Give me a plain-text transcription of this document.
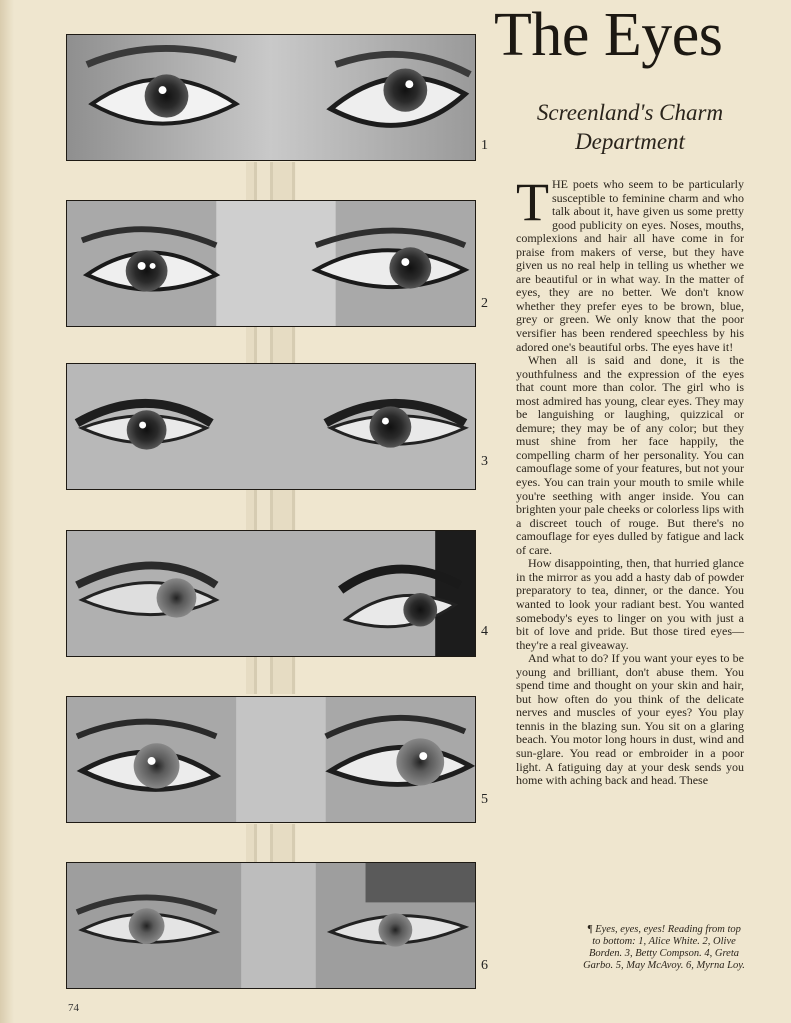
1
2
3
4
5
6
The Eyes
Screenland's Charm
Department

THE poets who seem to be particularly susceptible to feminine charm and who talk about it, have given us some pretty good publicity on eyes. Noses, mouths, complexions and hair all have come in for praise from makers of verse, but they have given us no real help in telling us whether we are beautiful or in what way. In the matter of eyes, they are no better. We don't know whether they prefer eyes to be brown, blue, grey or green. We only know that the poor versifier has been rendered speechless by his adored one's beautiful orbs. The eyes have it!

When all is said and done, it is the youthfulness and the expression of the eyes that count more than color. The girl who is most admired has young, clear eyes. They may be languishing or laughing, quizzical or demure; they may be of any color; but they must shine from her face happily, the compelling charm of her personality. You can camouflage some of your features, but not your eyes. You can train your mouth to smile while you're seething with anger inside. You can brighten your pale cheeks or colorless lips with a discreet touch of rouge. But there's no camouflage for eyes dulled by fatigue and lack of care.

How disappointing, then, that hurried glance in the mirror as you add a hasty dab of powder preparatory to tea, dinner, or the dance. You wanted to look your radiant best. You wanted somebody's eyes to linger on you with just a bit of love and pride. But those tired eyes—they're a real giveaway.

And what to do? If you want your eyes to be young and brilliant, don't abuse them. You spend time and thought on your skin and hair, but how often do you think of the delicate nerves and muscles of your eyes? You play tennis in the blazing sun. You sit on a glaring beach. You motor long hours in dust, wind and sun-glare. You read or embroider in a poor light. A fatiguing day at your desk sends you home with aching back and head. These

¶ Eyes, eyes, eyes! Reading from top to bottom: 1, Alice White. 2, Olive Borden. 3, Betty Compson. 4, Greta Garbo. 5, May McAvoy. 6, Myrna Loy.
74
